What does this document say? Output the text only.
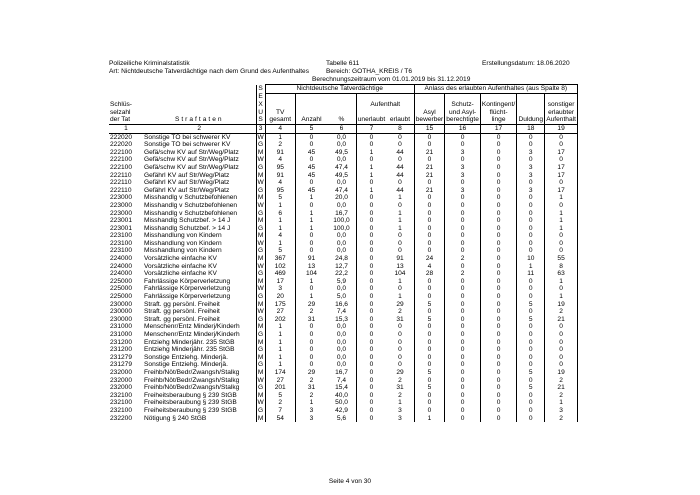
Polizeiliche Kriminalstatistik
Art: Nichtdeutsche Tatverdächtige nach dem Grund des Aufenthaltes
Tabelle 611
Bereich: GOTHA_KREIS / T6
Berechnungszeitraum vom 01.01.2019 bis 31.12.2019
Erstellungsdatum: 18.06.2020
		S	Nichtdeutsche Tatverdächtige					Anlass des erlaubten Aufenthaltes (aus Spalte 8)				
		E										
Schlüs-		X				Aufenthalt			Schutz-	Kontingent/		sonstiger
selzahl		U	TV					Asyl	und Asyl-	flücht-		erlaubter
der Tat	Straftaten	S	gesamt	Anzahl	%	unerlaubt	erlaubt	bewerber	berechtigte	linge	Duldung	Aufenthalt
1	2	3	4	5	6	7	8	15	16	17	18	19
222020	Sonstige TÖ bei schwerer KV	W	1	0	0,0	0	0	0	0	0	0	0
222020	Sonstige TÖ bei schwerer KV	G	2	0	0,0	0	0	0	0	0	0	0
222100	Gefä/schw KV auf Str/Weg/Platz	M	91	45	49,5	1	44	21	3	0	3	17
222100	Gefä/schw KV auf Str/Weg/Platz	W	4	0	0,0	0	0	0	0	0	0	0
222100	Gefä/schw KV auf Str/Weg/Platz	G	95	45	47,4	1	44	21	3	0	3	17
222110	Gefährl KV auf Str/Weg/Platz	M	91	45	49,5	1	44	21	3	0	3	17
222110	Gefährl KV auf Str/Weg/Platz	W	4	0	0,0	0	0	0	0	0	0	0
222110	Gefährl KV auf Str/Weg/Platz	G	95	45	47,4	1	44	21	3	0	3	17
223000	Misshandlg v Schutzbefohlenen	M	5	1	20,0	0	1	0	0	0	0	1
223000	Misshandlg v Schutzbefohlenen	W	1	0	0,0	0	0	0	0	0	0	0
223000	Misshandlg v Schutzbefohlenen	G	6	1	16,7	0	1	0	0	0	0	1
223001	Misshandlg Schutzbef. > 14 J	M	1	1	100,0	0	1	0	0	0	0	1
223001	Misshandlg Schutzbef. > 14 J	G	1	1	100,0	0	1	0	0	0	0	1
223100	Misshandlung von Kindern	M	4	0	0,0	0	0	0	0	0	0	0
223100	Misshandlung von Kindern	W	1	0	0,0	0	0	0	0	0	0	0
223100	Misshandlung von Kindern	G	5	0	0,0	0	0	0	0	0	0	0
224000	Vorsätzliche einfache KV	M	367	91	24,8	0	91	24	2	0	10	55
224000	Vorsätzliche einfache KV	W	102	13	12,7	0	13	4	0	0	1	8
224000	Vorsätzliche einfache KV	G	469	104	22,2	0	104	28	2	0	11	63
225000	Fahrlässige Körperverletzung	M	17	1	5,9	0	1	0	0	0	0	1
225000	Fahrlässige Körperverletzung	W	3	0	0,0	0	0	0	0	0	0	0
225000	Fahrlässige Körperverletzung	G	20	1	5,0	0	1	0	0	0	0	1
230000	Straft. gg persönl. Freiheit	M	175	29	16,6	0	29	5	0	0	5	19
230000	Straft. gg persönl. Freiheit	W	27	2	7,4	0	2	0	0	0	0	2
230000	Straft. gg persönl. Freiheit	G	202	31	15,3	0	31	5	0	0	5	21
231000	Menschenr/Entz Minderj/Kinderh	M	1	0	0,0	0	0	0	0	0	0	0
231000	Menschenr/Entz Minderj/Kinderh	G	1	0	0,0	0	0	0	0	0	0	0
231200	Entziehg Minderjähr. 235 StGB	M	1	0	0,0	0	0	0	0	0	0	0
231200	Entziehg Minderjähr. 235 StGB	G	1	0	0,0	0	0	0	0	0	0	0
231279	Sonstige Entziehg. Minderjä.	M	1	0	0,0	0	0	0	0	0	0	0
231279	Sonstige Entziehg. Minderjä.	G	1	0	0,0	0	0	0	0	0	0	0
232000	Freihb/Nöt/Bedr/Zwangsh/Stalkg	M	174	29	16,7	0	29	5	0	0	5	19
232000	Freihb/Nöt/Bedr/Zwangsh/Stalkg	W	27	2	7,4	0	2	0	0	0	0	2
232000	Freihb/Nöt/Bedr/Zwangsh/Stalkg	G	201	31	15,4	0	31	5	0	0	5	21
232100	Freiheitsberaubung § 239 StGB	M	5	2	40,0	0	2	0	0	0	0	2
232100	Freiheitsberaubung § 239 StGB	W	2	1	50,0	0	1	0	0	0	0	1
232100	Freiheitsberaubung § 239 StGB	G	7	3	42,9	0	3	0	0	0	0	3
232200	Nötigung § 240 StGB	M	54	3	5,6	0	3	1	0	0	0	2
Seite 4 von 30
